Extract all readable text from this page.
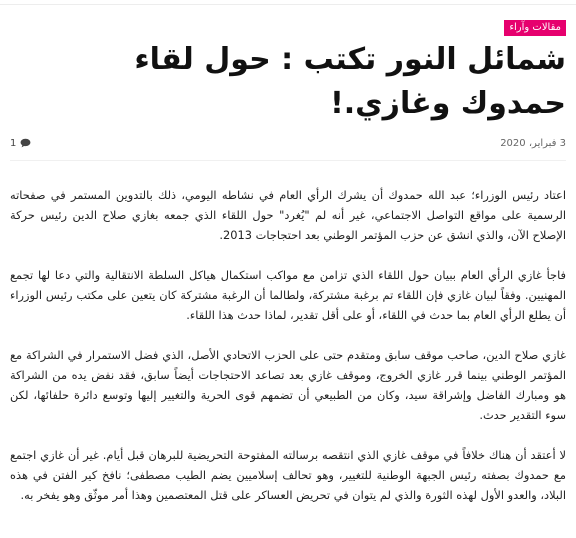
مقالات وآراء
شمائل النور تكتب : حول لقاء حمدوك وغازي.!
3 فبراير، 2020
1

اعتاد رئيس الوزراء؛ عبد الله حمدوك أن يشرك الرأي العام في نشاطه اليومي، ذلك بالتدوين المستمر في صفحاته الرسمية على مواقع التواصل الاجتماعي، غير أنه لم "يُغرد" حول اللقاء الذي جمعه بغازي صلاح الدين رئيس حركة الإصلاح الآن، والذي انشق عن حزب المؤتمر الوطني بعد احتجاجات 2013.

فاجأ غازي الرأي العام ببيان حول اللقاء الذي تزامن مع مواكب استكمال هياكل السلطة الانتقالية والتي دعا لها تجمع المهنيين. وفقاً لبيان غازي فإن اللقاء تم برغبة مشتركة، ولطالما أن الرغبة مشتركة كان يتعين على مكتب رئيس الوزراء أن يطلع الرأي العام بما حدث في اللقاء، أو على أقل تقدير، لماذا حدث هذا اللقاء.

غازي صلاح الدين، صاحب موقف سابق ومتقدم حتى على الحزب الاتحادي الأصل، الذي فضل الاستمرار في الشراكة مع المؤتمر الوطني بينما قرر غازي الخروج، وموقف غازي بعد تصاعد الاحتجاجات أيضاً سابق، فقد نفض يده من الشراكة هو ومبارك الفاضل وإشراقة سيد، وكان من الطبيعي أن تضمهم قوى الحرية والتغيير إليها وتوسع دائرة حلفائها، لكن سوء التقدير حدث.

لا أعتقد أن هناك خلافاً في موقف غازي الذي انتقصه برسالته المفتوحة التحريضية للبرهان قبل أيام. غير أن غازي اجتمع مع حمدوك بصفته رئيس الجبهة الوطنية للتغيير، وهو تحالف إسلاميين يضم الطيب مصطفى؛ نافخ كير الفتن في هذه البلاد، والعدو الأول لهذه الثورة والذي لم يتوان في تحريض العساكر على قتل المعتصمين وهذا أمر موثّق وهو يفخر به.
